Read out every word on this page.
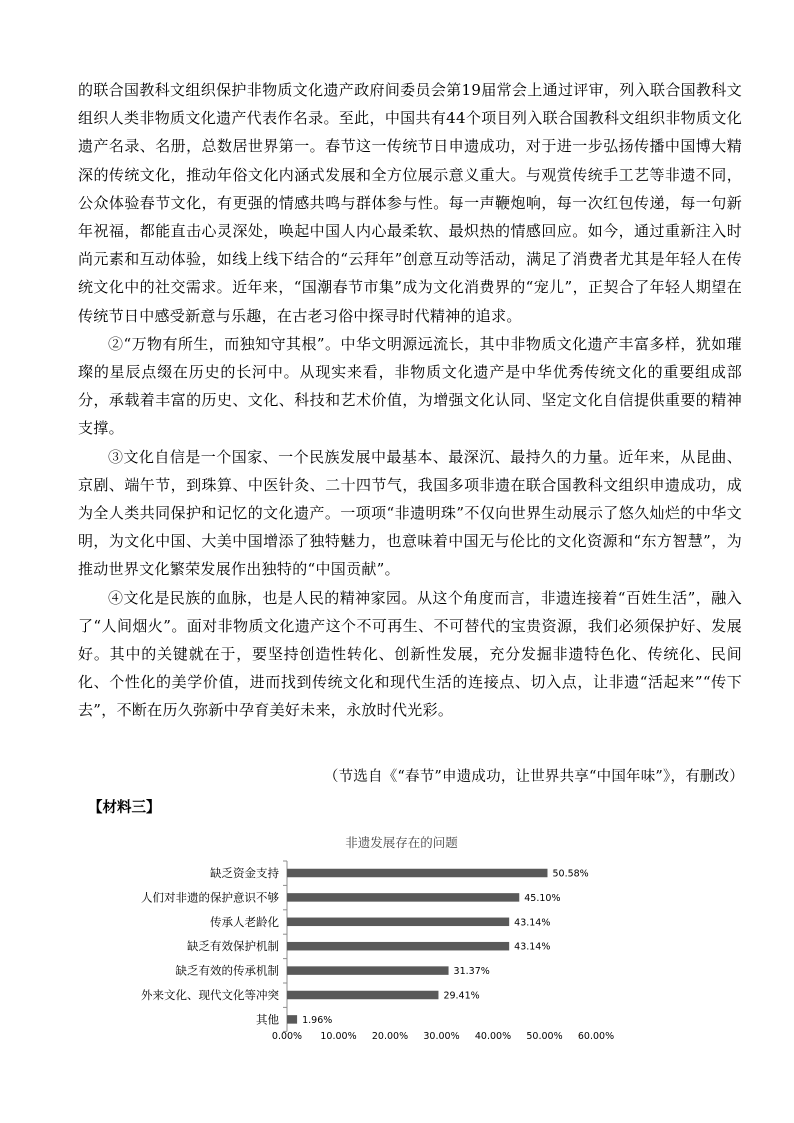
的联合国教科文组织保护非物质文化遗产政府间委员会第19届常会上通过评审，列入联合国教科文组织人类非物质文化遗产代表作名录。至此，中国共有44个项目列入联合国教科文组织非物质文化遗产名录、名册，总数居世界第一。春节这一传统节日申遗成功，对于进一步弘扬传播中国博大精深的传统文化，推动年俗文化内涵式发展和全方位展示意义重大。与观赏传统手工艺等非遗不同，公众体验春节文化，有更强的情感共鸣与群体参与性。每一声鞭炮响，每一次红包传递，每一句新年祝福，都能直击心灵深处，唤起中国人内心最柔软、最炽热的情感回应。如今，通过重新注入时尚元素和互动体验，如线上线下结合的“云拜年”创意互动等活动，满足了消费者尤其是年轻人在传统文化中的社交需求。近年来，“国潮春节市集”成为文化消费界的“宠儿”，正契合了年轻人期望在传统节日中感受新意与乐趣，在古老习俗中探寻时代精神的追求。

②“万物有所生，而独知守其根”。中华文明源远流长，其中非物质文化遗产丰富多样，犹如璀璨的星辰点缀在历史的长河中。从现实来看，非物质文化遗产是中华优秀传统文化的重要组成部分，承载着丰富的历史、文化、科技和艺术价值，为增强文化认同、坚定文化自信提供重要的精神支撑。

③文化自信是一个国家、一个民族发展中最基本、最深沉、最持久的力量。近年来，从昆曲、京剧、端午节，到珠算、中医针灸、二十四节气，我国多项非遗在联合国教科文组织申遗成功，成为全人类共同保护和记忆的文化遗产。一项项“非遗明珠”不仅向世界生动展示了悠久灿烂的中华文明，为文化中国、大美中国增添了独特魅力，也意味着中国无与伦比的文化资源和“东方智慧”，为推动世界文化繁荣发展作出独特的“中国贡献”。

④文化是民族的血脉，也是人民的精神家园。从这个角度而言，非遗连接着“百姓生活”，融入了“人间烟火”。面对非物质文化遗产这个不可再生、不可替代的宝贵资源，我们必须保护好、发展好。其中的关键就在于，要坚持创造性转化、创新性发展，充分发掘非遗特色化、传统化、民间化、个性化的美学价值，进而找到传统文化和现代生活的连接点、切入点，让非遗“活起来”“传下去”，不断在历久弥新中孕育美好未来，永放时代光彩。

（节选自《“春节”申遗成功，让世界共享“中国年味”》，有删改）
【材料三】
非遗发展存在的问题
缺乏资金支持	50.58%
人们对非遗的保护意识不够	45.10%
传承人老龄化	43.14%
缺乏有效保护机制	43.14%
缺乏有效的传承机制	31.37%
外来文化、现代文化等冲突	29.41%
其他 1.96%
0.00% 10.00% 20.00% 30.00% 40.00% 50.00% 60.00%
